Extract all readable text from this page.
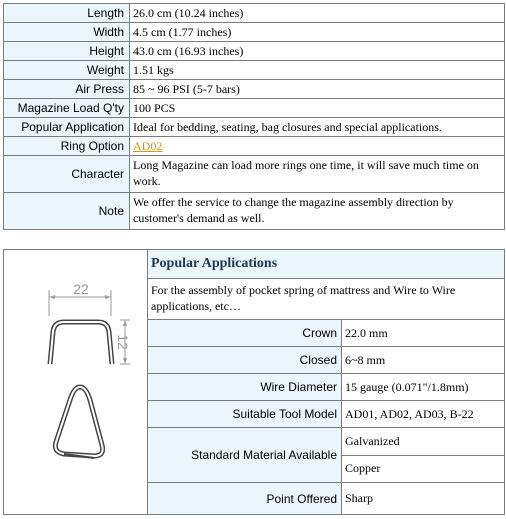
Length 26.0 cm (10.24 inches)
Width 4.5 cm (1.77 inches)
Height 43.0 cm (16.93 inches)
Weight 1.51 kgs
Air Press 85 ~ 96 PSI (5-7 bars)
Magazine Load Q'ty 100 PCS
Popular Application Ideal for bedding, seating, bag closures and special applications.
Ring Option AD02
Character
Long Magazine can load more rings one time, it will save much time on work.
Note
We offer the service to change the magazine assembly direction by customer's demand as well.
22
12
Popular Applications
For the assembly of pocket spring of mattress and Wire to Wire applications, etc…
Crown 22.0 mm
Closed 6~8 mm
Wire Diameter 15 gauge (0.071"/1.8mm)
Suitable Tool Model AD01, AD02, AD03, B-22
Standard Material Available
Galvanized
Copper
Point Offered Sharp
